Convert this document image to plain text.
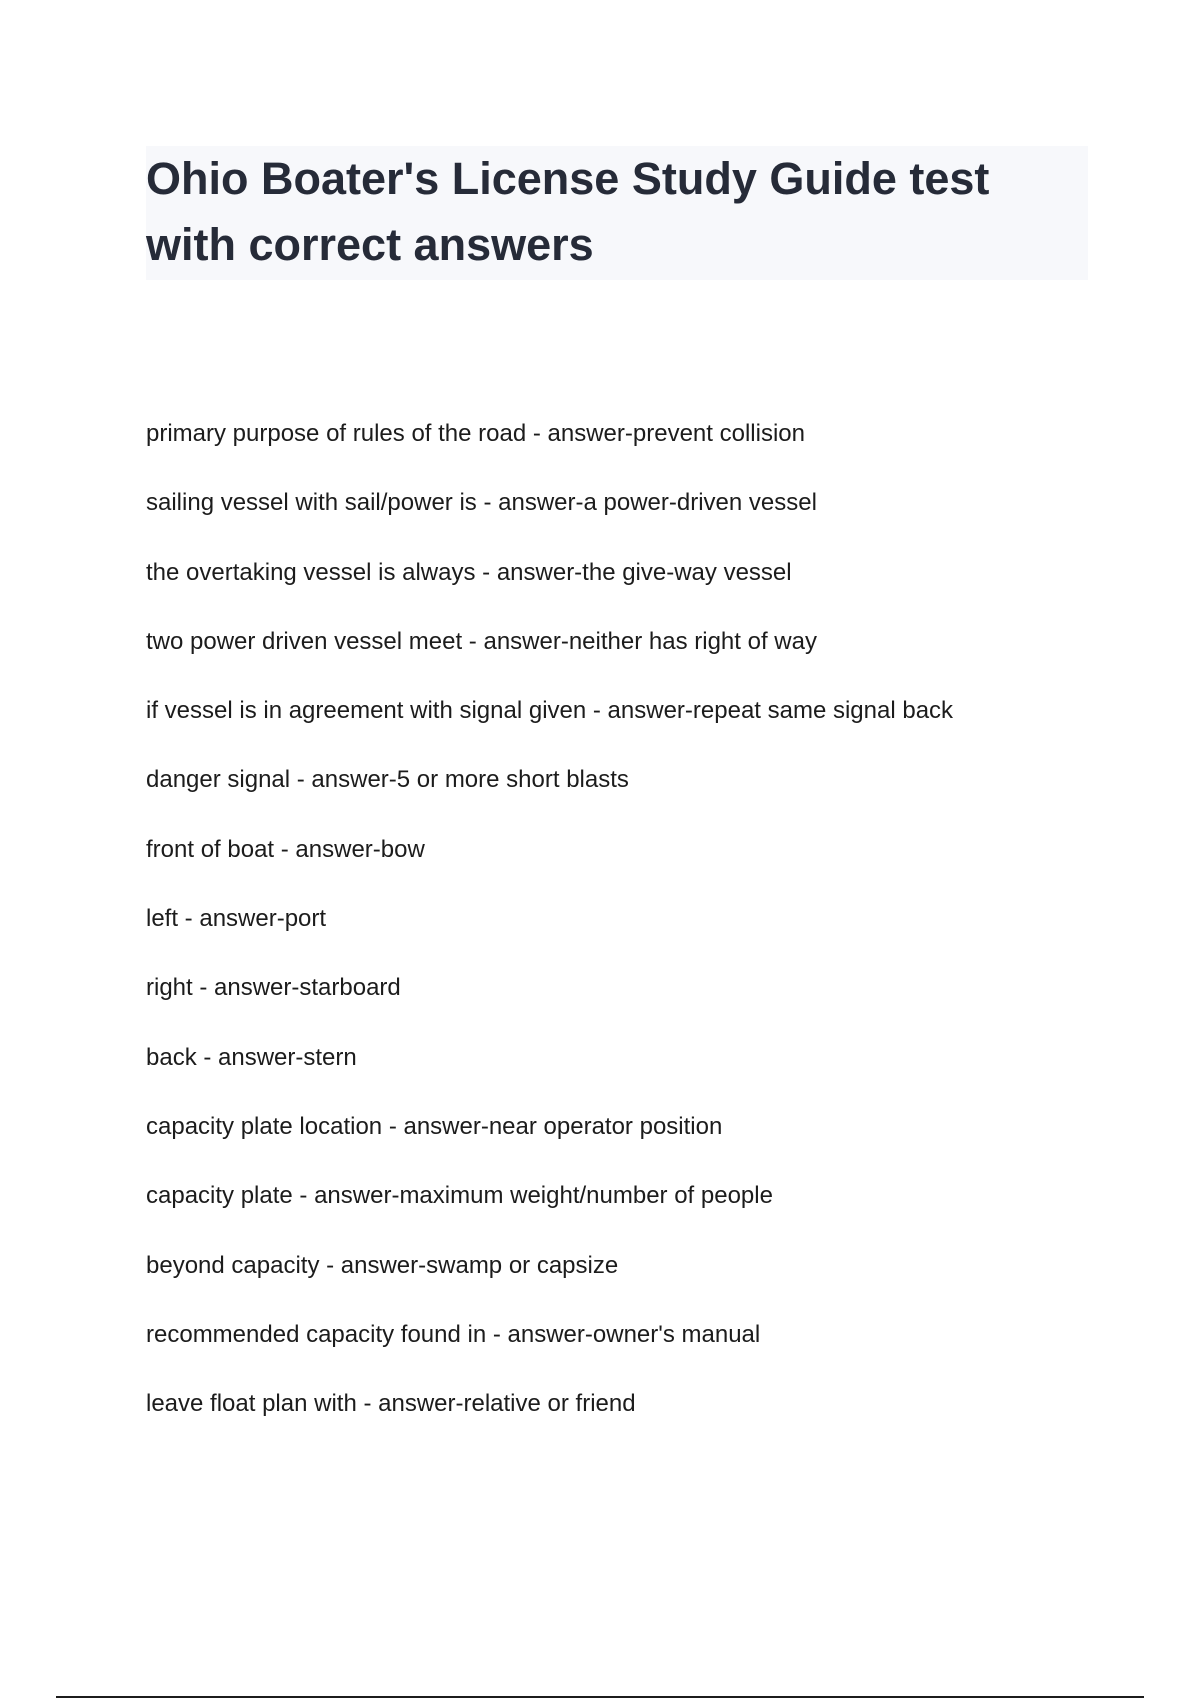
Ohio Boater's License Study Guide test with correct answers
primary purpose of rules of the road - answer-prevent collision
sailing vessel with sail/power is - answer-a power-driven vessel
the overtaking vessel is always - answer-the give-way vessel
two power driven vessel meet - answer-neither has right of way
if vessel is in agreement with signal given - answer-repeat same signal back
danger signal - answer-5 or more short blasts
front of boat - answer-bow
left - answer-port
right - answer-starboard
back - answer-stern
capacity plate location - answer-near operator position
capacity plate - answer-maximum weight/number of people
beyond capacity - answer-swamp or capsize
recommended capacity found in - answer-owner's manual
leave float plan with - answer-relative or friend
